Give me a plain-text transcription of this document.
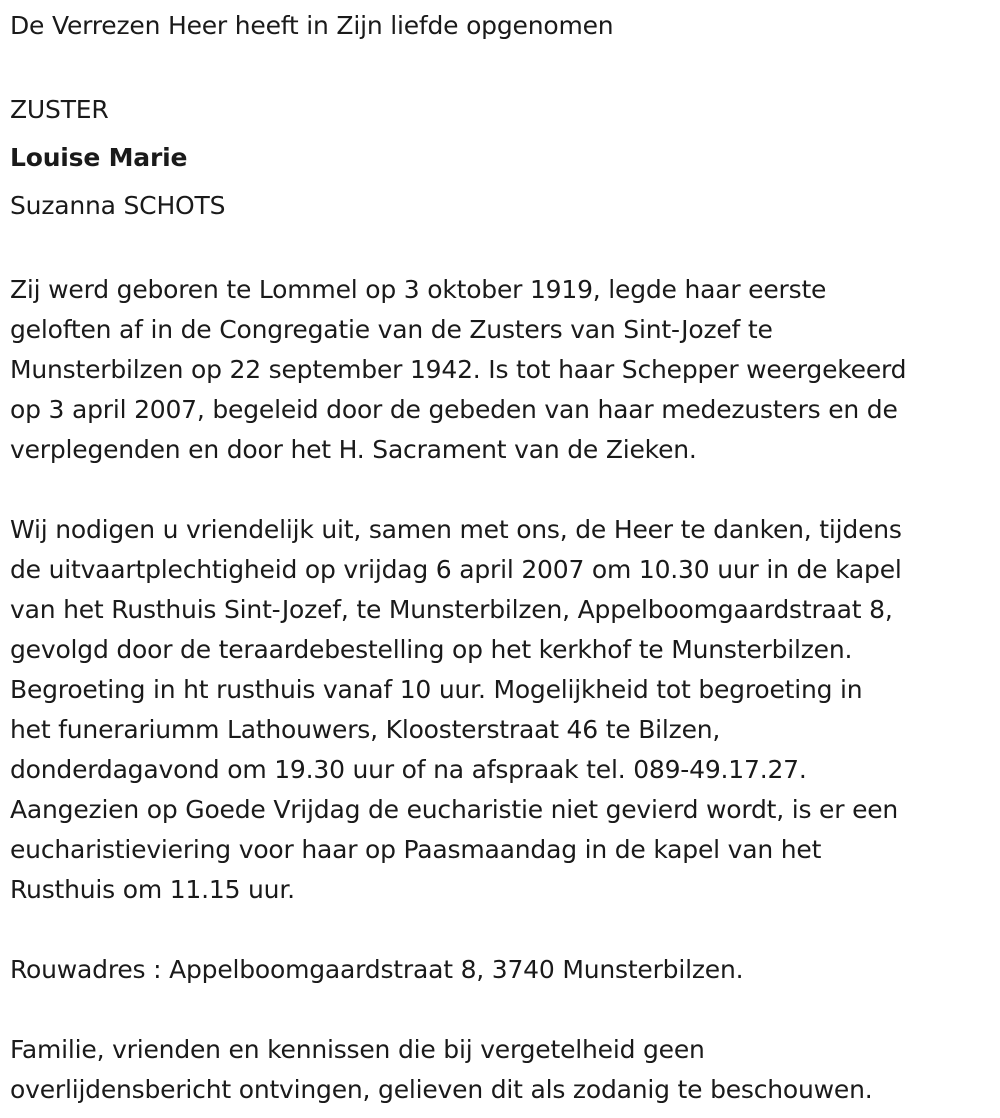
De Verrezen Heer heeft in Zijn liefde opgenomen

ZUSTER

Louise Marie

Suzanna SCHOTS

Zij werd geboren te Lommel op 3 oktober 1919, legde haar eerste

geloften af in de Congregatie van de Zusters van Sint-Jozef te

Munsterbilzen op 22 september 1942. Is tot haar Schepper weergekeerd

op 3 april 2007, begeleid door de gebeden van haar medezusters en de

verplegenden en door het H. Sacrament van de Zieken.

Wij nodigen u vriendelijk uit, samen met ons, de Heer te danken, tijdens

de uitvaartplechtigheid op vrijdag 6 april 2007 om 10.30 uur in de kapel

van het Rusthuis Sint-Jozef, te Munsterbilzen, Appelboomgaardstraat 8,

gevolgd door de teraardebestelling op het kerkhof te Munsterbilzen.

Begroeting in ht rusthuis vanaf 10 uur. Mogelijkheid tot begroeting in

het funerariumm Lathouwers, Kloosterstraat 46 te Bilzen,

donderdagavond om 19.30 uur of na afspraak tel. 089-49.17.27.

Aangezien op Goede Vrijdag de eucharistie niet gevierd wordt, is er een

eucharistieviering voor haar op Paasmaandag in de kapel van het

Rusthuis om 11.15 uur.

Rouwadres : Appelboomgaardstraat 8, 3740 Munsterbilzen.

Familie, vrienden en kennissen die bij vergetelheid geen

overlijdensbericht ontvingen, gelieven dit als zodanig te beschouwen.
